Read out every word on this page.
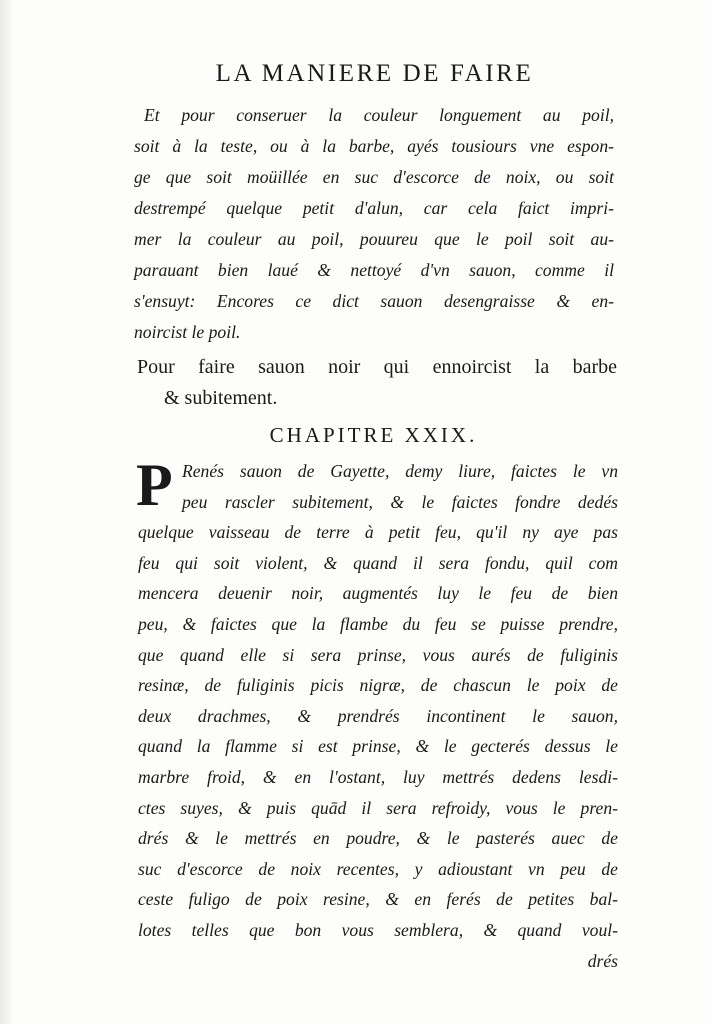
LA MANIERE DE FAIRE
Et pour conseruer la couleur longuement au poil,
soit à la teste, ou à la barbe, ayés tousiours vne espon-
ge que soit moüillée en suc d'escorce de noix, ou soit
destrempé quelque petit d'alun, car cela faict impri-
mer la couleur au poil, pouureu que le poil soit au-
parauant bien laué & nettoyé d'vn sauon, comme il
s'ensuyt: Encores ce dict sauon desengraisse & en-
noircist le poil.
Pour faire sauon noir qui ennoircist la barbe
& subitement.
CHAPITRE XXIX.
P Renés sauon de Gayette, demy liure, faictes le vn
peu rascler subitement, & le faictes fondre dedés
quelque vaisseau de terre à petit feu, qu'il ny aye pas
feu qui soit violent, & quand il sera fondu, quil com
mencera deuenir noir, augmentés luy le feu de bien
peu, & faictes que la flambe du feu se puisse prendre,
que quand elle si sera prinse, vous aurés de fuliginis
resinæ, de fuliginis picis nigræ, de chascun le poix de
deux drachmes, & prendrés incontinent le sauon,
quand la flamme si est prinse, & le gecterés dessus le
marbre froid, & en l'ostant, luy mettrés dedens lesdi-
ctes suyes, & puis quād il sera refroidy, vous le pren-
drés & le mettrés en poudre, & le pasterés auec de
suc d'escorce de noix recentes, y adioustant vn peu de
ceste fuligo de poix resine, & en ferés de petites bal-
lotes telles que bon vous semblera, & quand voul-
drés
